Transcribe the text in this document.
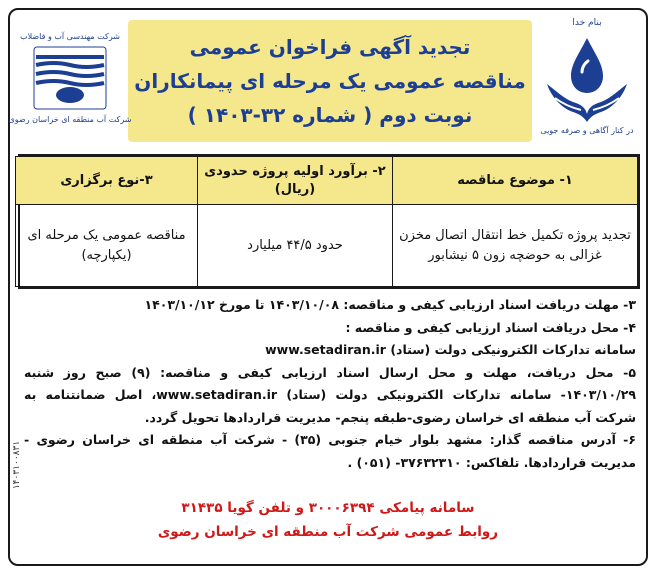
بنام خدا
در کنار آگاهی و صرفه جویی
تجدید آگهی فراخوان عمومی
مناقصه عمومی یک مرحله ای پیمانکاران
نوبت دوم ( شماره ۳۲-۱۴۰۳ )
شرکت مهندسی آب و فاضلاب
شرکت آب منطقه ای خراسان رضوی
۱- موضوع مناقصه	۲- برآورد اولیه پروژه حدودی (ریال)	۳-نوع برگزاری
تجدید پروژه تکمیل خط انتقال اتصال مخزن غزالی به حوضچه زون ۵ نیشابور	حدود ۴۴/۵ میلیارد	مناقصه عمومی یک مرحله ای (یکپارچه)

۳- مهلت دریافت اسناد ارزیابی کیفی و مناقصه: ۱۴۰۳/۱۰/۰۸ تا مورخ ۱۴۰۳/۱۰/۱۲

۴- محل دریافت اسناد ارزیابی کیفی و مناقصه :

سامانه تدارکات الکترونیکی دولت (ستاد) www.setadiran.ir

۵- محل دریافت، مهلت و محل ارسال اسناد ارزیابی کیفی و مناقصه: (۹) صبح روز شنبه ۱۴۰۳/۱۰/۲۹- سامانه تدارکات الکترونیکی دولت (ستاد) www.setadiran.ir، اصل ضمانتنامه به شرکت آب منطقه ای خراسان رضوی-طبقه پنجم- مدیریت قراردادها تحویل گردد.

۶- آدرس مناقصه گذار: مشهد بلوار خیام جنوبی (۳۵) - شرکت آب منطقه ای خراسان رضوی - مدیریت قراردادها. تلفاکس: ۳۷۶۳۲۳۱۰- (۰۵۱) .

سامانه پیامکی ۳۰۰۰۶۳۹۴ و تلفن گویا ۳۱۴۳۵
روابط عمومی شرکت آب منطقه ای خراسان رضوی
۱۴۰۳۱۰۰۸۳۱
